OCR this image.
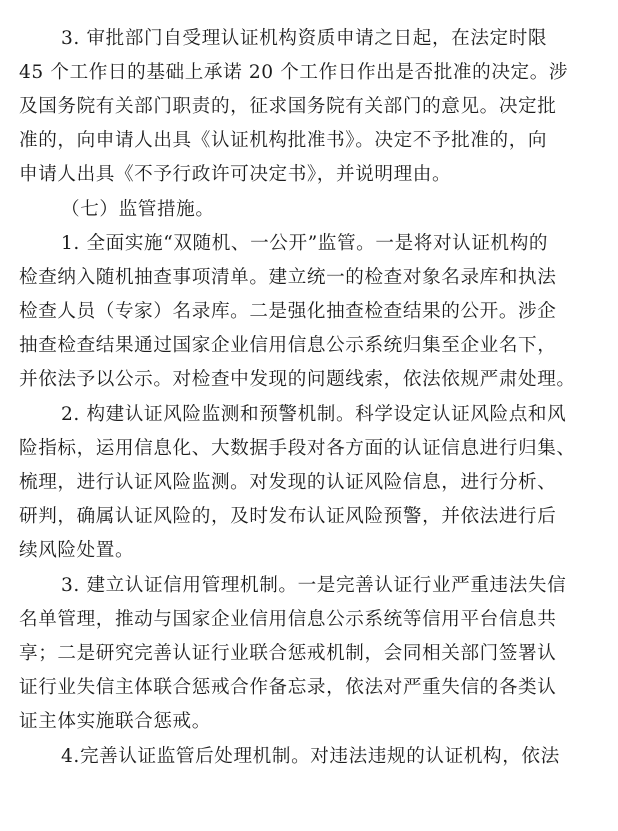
3. 审批部门自受理认证机构资质申请之日起，在法定时限
45 个工作日的基础上承诺 20 个工作日作出是否批准的决定。涉
及国务院有关部门职责的，征求国务院有关部门的意见。决定批
准的，向申请人出具《认证机构批准书》。决定不予批准的，向
申请人出具《不予行政许可决定书》，并说明理由。
（七）监管措施。
1. 全面实施“双随机、一公开”监管。一是将对认证机构的
检查纳入随机抽查事项清单。建立统一的检查对象名录库和执法
检查人员（专家）名录库。二是强化抽查检查结果的公开。涉企
抽查检查结果通过国家企业信用信息公示系统归集至企业名下，
并依法予以公示。对检查中发现的问题线索，依法依规严肃处理。
2. 构建认证风险监测和预警机制。科学设定认证风险点和风
险指标，运用信息化、大数据手段对各方面的认证信息进行归集、
梳理，进行认证风险监测。对发现的认证风险信息，进行分析、
研判，确属认证风险的，及时发布认证风险预警，并依法进行后
续风险处置。
3. 建立认证信用管理机制。一是完善认证行业严重违法失信
名单管理，推动与国家企业信用信息公示系统等信用平台信息共
享；二是研究完善认证行业联合惩戒机制，会同相关部门签署认
证行业失信主体联合惩戒合作备忘录，依法对严重失信的各类认
证主体实施联合惩戒。
4.完善认证监管后处理机制。对违法违规的认证机构，依法
